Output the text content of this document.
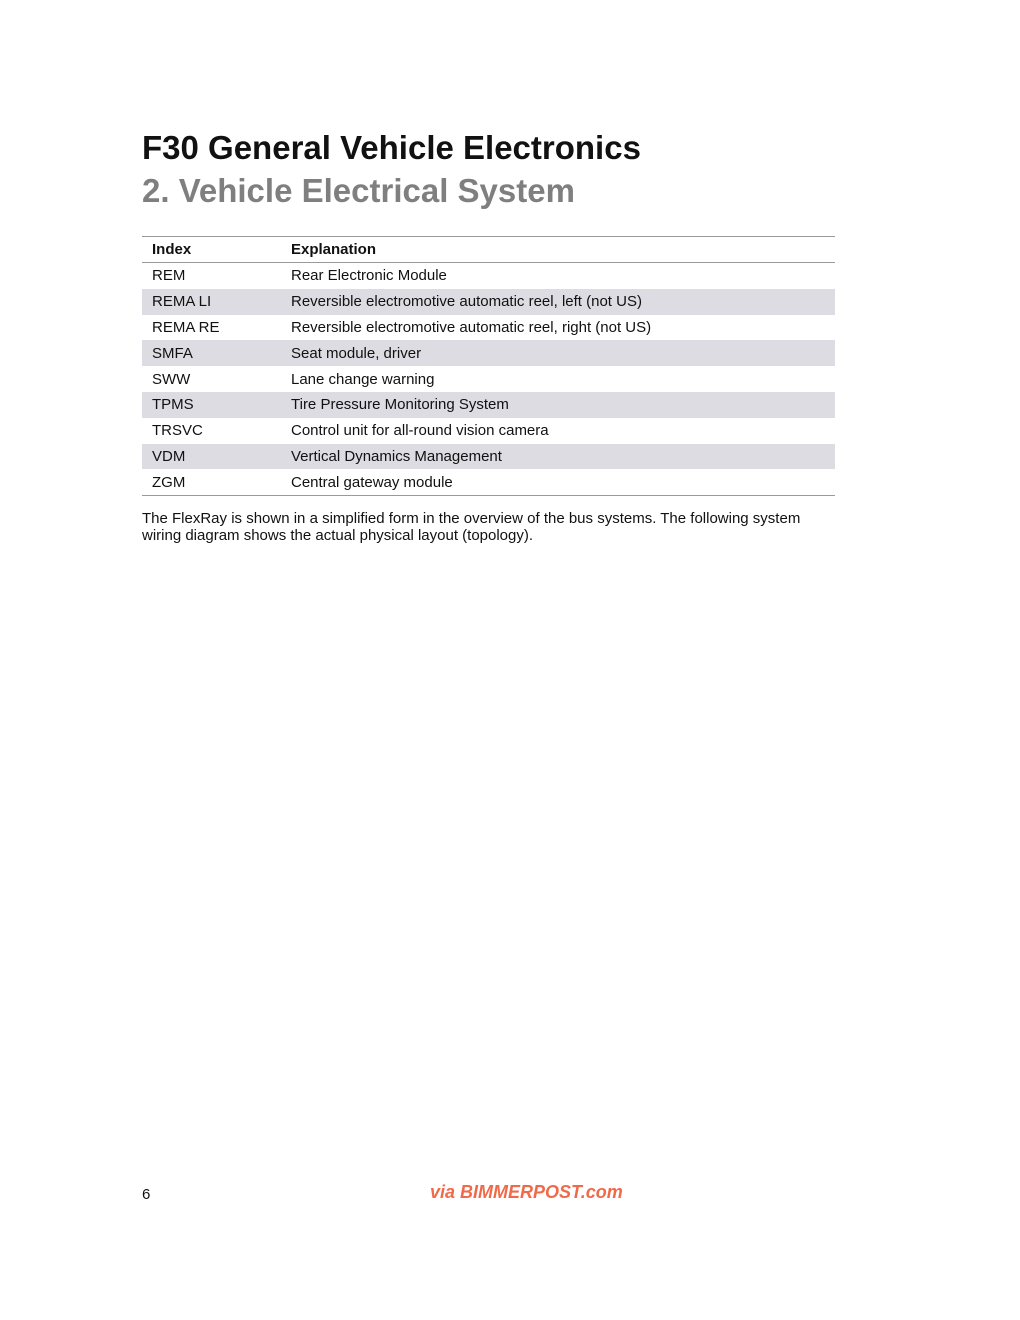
F30 General Vehicle Electronics
2. Vehicle Electrical System
Index	Explanation
REM	Rear Electronic Module
REMA LI	Reversible electromotive automatic reel, left (not US)
REMA RE	Reversible electromotive automatic reel, right (not US)
SMFA	Seat module, driver
SWW	Lane change warning
TPMS	Tire Pressure Monitoring System
TRSVC	Control unit for all-round vision camera
VDM	Vertical Dynamics Management
ZGM	Central gateway module

The FlexRay is shown in a simplified form in the overview of the bus systems. The following system wiring diagram shows the actual physical layout (topology).

6	via BIMMERPOST.com
